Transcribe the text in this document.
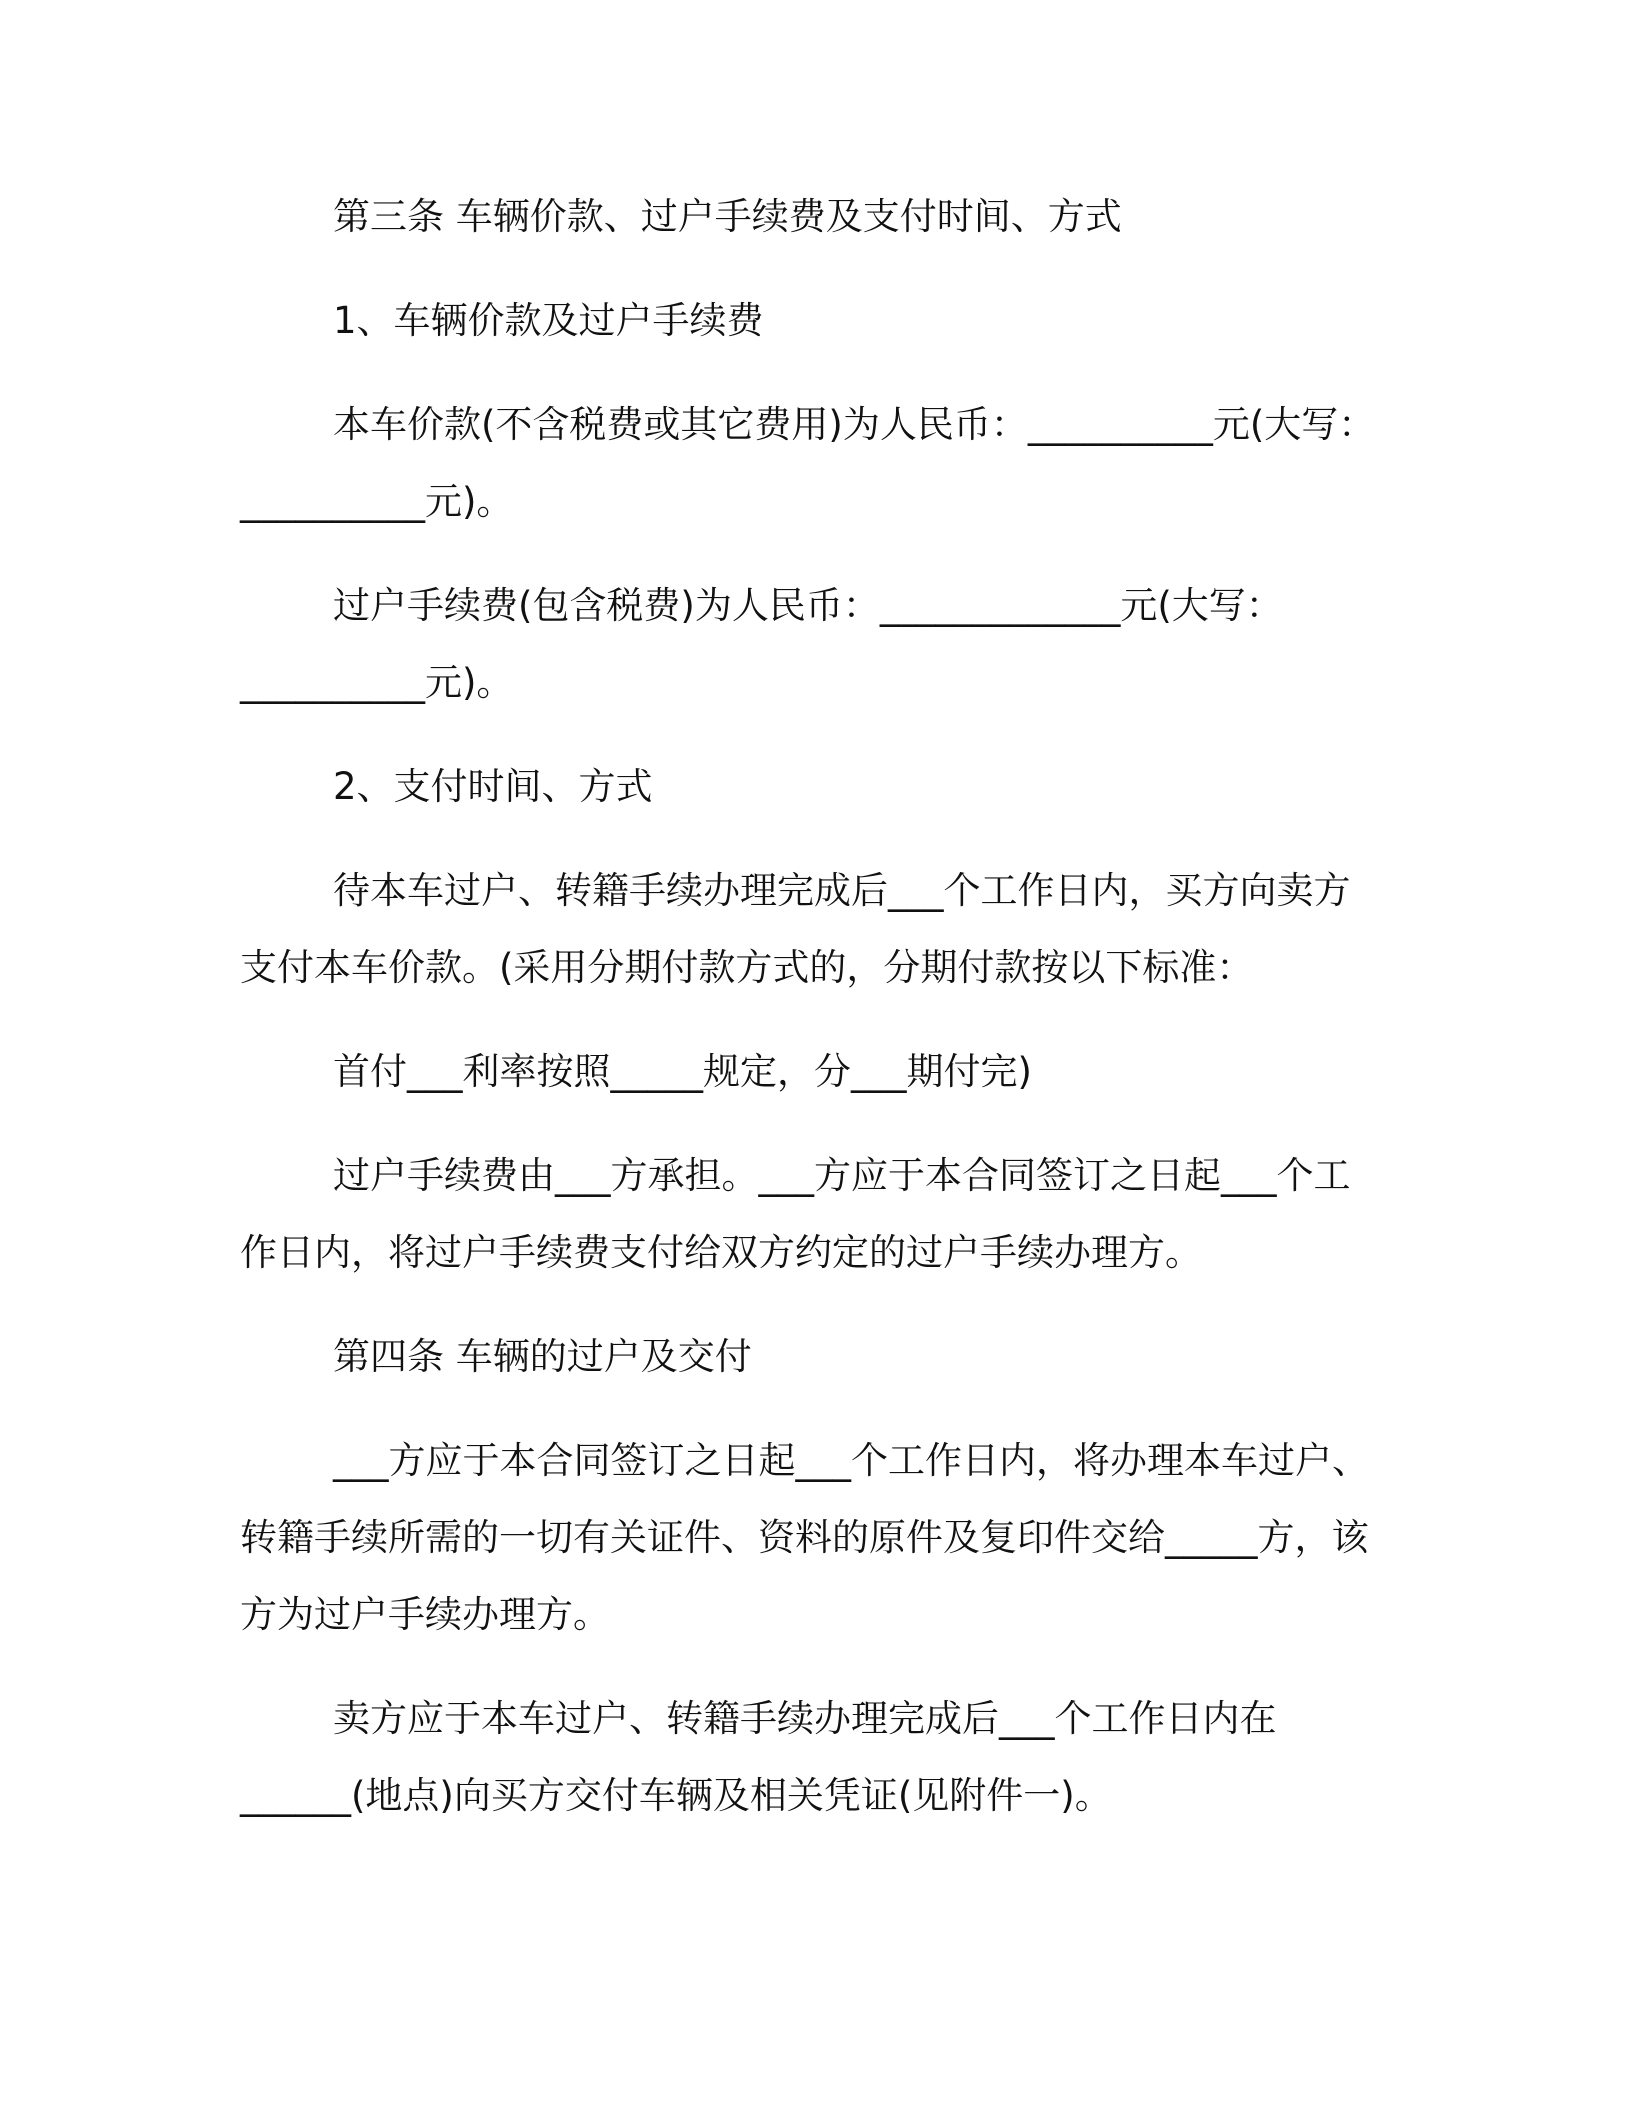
第三条 车辆价款、过户手续费及支付时间、方式
1、车辆价款及过户手续费
本车价款(不含税费或其它费用)为人民币：__________元(大写：
__________元)。
过户手续费(包含税费)为人民币：_____________元(大写：
__________元)。
2、支付时间、方式
待本车过户、转籍手续办理完成后___个工作日内，买方向卖方
支付本车价款。(采用分期付款方式的，分期付款按以下标准：
首付___利率按照_____规定，分___期付完)
过户手续费由___方承担。___方应于本合同签订之日起___个工
作日内，将过户手续费支付给双方约定的过户手续办理方。
第四条 车辆的过户及交付
___方应于本合同签订之日起___个工作日内，将办理本车过户、
转籍手续所需的一切有关证件、资料的原件及复印件交给_____方，该
方为过户手续办理方。
卖方应于本车过户、转籍手续办理完成后___个工作日内在
______(地点)向买方交付车辆及相关凭证(见附件一)。
